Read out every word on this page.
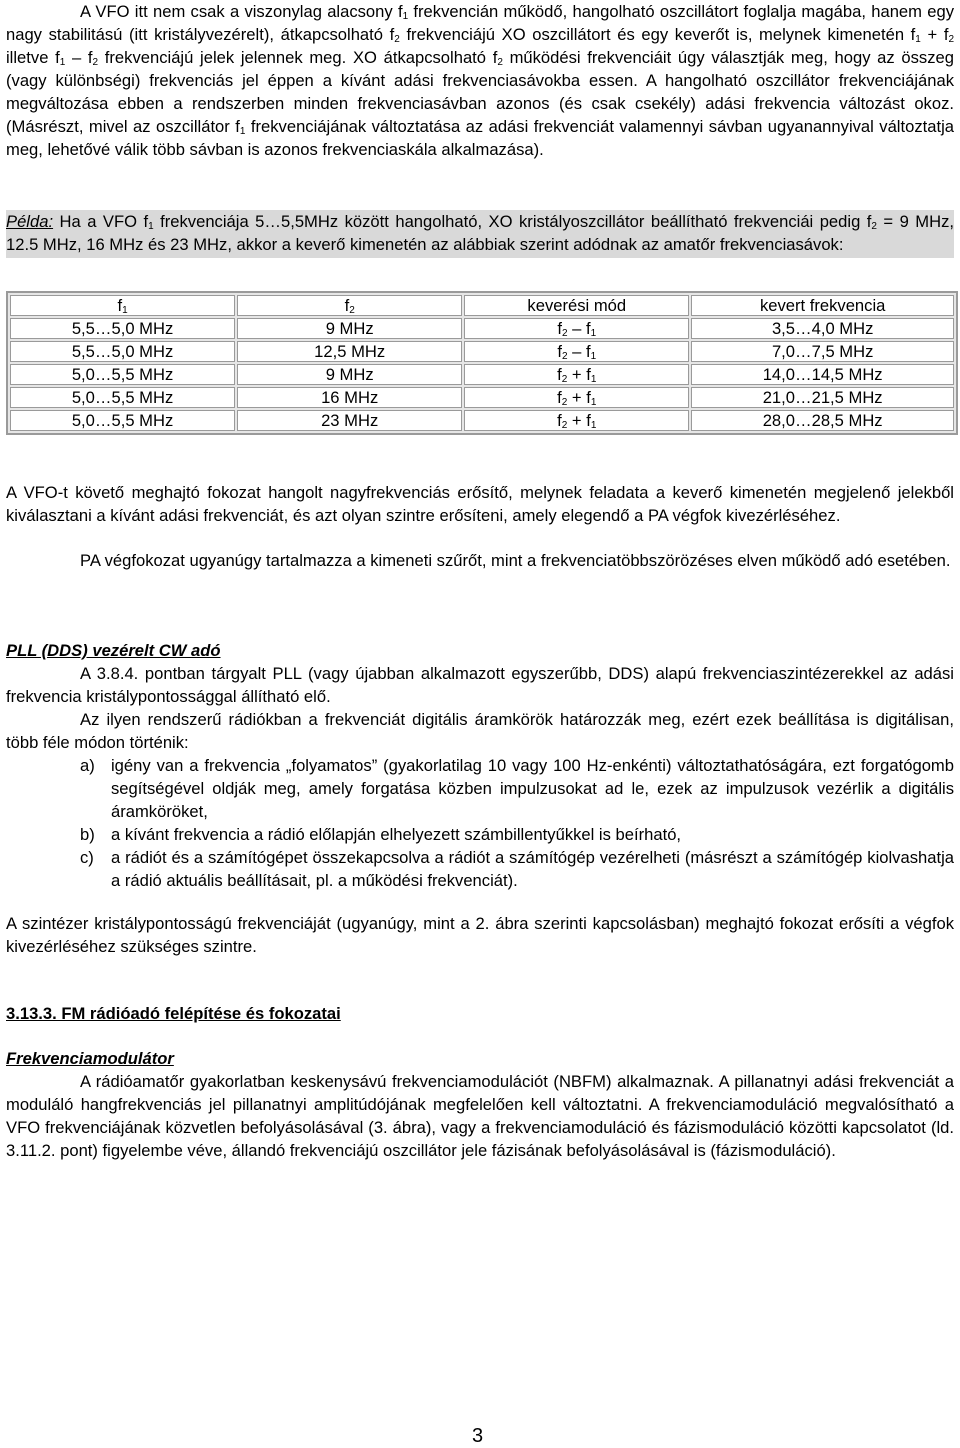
A VFO itt nem csak a viszonylag alacsony $f_1$ frekvencián működő, hangolható oszcillátort foglalja magába, hanem egy nagy stabilitású (itt kristályvezérelt), átkapcsolható $f_2$ frekvenciájú XO oszcillátort és egy keverőt is, melynek kimenetén $f_1 + f_2$ illetve $f_1 - f_2$ frekvenciájú jelek jelennek meg. XO átkapcsolható $f_2$ működési frekvenciáit úgy választják meg, hogy az összeg (vagy különbségi) frekvenciás jel éppen a kívánt adási frekvenciasávokba essen. A hangolható oszcillátor frekvenciájának megváltozása ebben a rendszerben minden frekvenciasávban azonos (és csak csekély) adási frekvencia változást okoz. (Másrészt, mivel az oszcillátor $f_1$ frekvenciájának változtatása az adási frekvenciát valamennyi sávban ugyanannyival változtatja meg, lehetővé válik több sávban is azonos frekvenciaskála alkalmazása).

Példa: Ha a VFO $f_1$ frekvenciája 5…5,5MHz között hangolható, XO kristályoszcillátor beállítható frekvenciái pedig $f_2 = 9$ MHz, 12.5 MHz, 16 MHz és 23 MHz, akkor a keverő kimenetén az alábbiak szerint adódnak az amatőr frekvenciasávok:

$f_1$	$f_2$	keverési mód	kevert frekvencia
5,5…5,0 MHz	9 MHz	$f_2 - f_1$	3,5…4,0 MHz
5,5…5,0 MHz	12,5 MHz	$f_2 - f_1$	7,0…7,5 MHz
5,0…5,5 MHz	9 MHz	$f_2 + f_1$	14,0…14,5 MHz
5,0…5,5 MHz	16 MHz	$f_2 + f_1$	21,0…21,5 MHz
5,0…5,5 MHz	23 MHz	$f_2 + f_1$	28,0…28,5 MHz

A VFO-t követő meghajtó fokozat hangolt nagyfrekvenciás erősítő, melynek feladata a keverő kimenetén megjelenő jelekből kiválasztani a kívánt adási frekvenciát, és azt olyan szintre erősíteni, amely elegendő a PA végfok kivezérléséhez.

PA végfokozat ugyanúgy tartalmazza a kimeneti szűrőt, mint a frekvenciatöbbszörözéses elven működő adó esetében.

PLL (DDS) vezérelt CW adó

A 3.8.4. pontban tárgyalt PLL (vagy újabban alkalmazott egyszerűbb, DDS) alapú frekvenciaszintézerekkel az adási frekvencia kristálypontossággal állítható elő.

Az ilyen rendszerű rádiókban a frekvenciát digitális áramkörök határozzák meg, ezért ezek beállítása is digitálisan, több féle módon történik:

a) igény van a frekvencia „folyamatos” (gyakorlatilag 10 vagy 100 Hz-enkénti) változtathatóságára, ezt forgatógomb segítségével oldják meg, amely forgatása közben impulzusokat ad le, ezek az impulzusok vezérlik a digitális áramköröket,
b) a kívánt frekvencia a rádió előlapján elhelyezett számbillentyűkkel is beírható,
c)	a rádiót és a számítógépet összekapcsolva a rádiót a számítógép vezérelheti (másrészt a számítógép kiolvashatja a rádió aktuális beállításait, pl. a működési frekvenciát).

A szintézer kristálypontosságú frekvenciáját (ugyanúgy, mint a 2. ábra szerinti kapcsolásban) meghajtó fokozat erősíti a végfok kivezérléséhez szükséges szintre.

3.13.3. FM rádióadó felépítése és fokozatai

Frekvenciamodulátor

A rádióamatőr gyakorlatban keskenysávú frekvenciamodulációt (NBFM) alkalmaznak. A pillanatnyi adási frekvenciát a moduláló hangfrekvenciás jel pillanatnyi amplitúdójának megfelelően kell változtatni. A frekvenciamoduláció megvalósítható a VFO frekvenciájának közvetlen befolyásolásával (3. ábra), vagy a frekvenciamoduláció és fázismoduláció közötti kapcsolatot (ld. 3.11.2. pont) figyelembe véve, állandó frekvenciájú oszcillátor jele fázisának befolyásolásával is (fázismoduláció).

3
